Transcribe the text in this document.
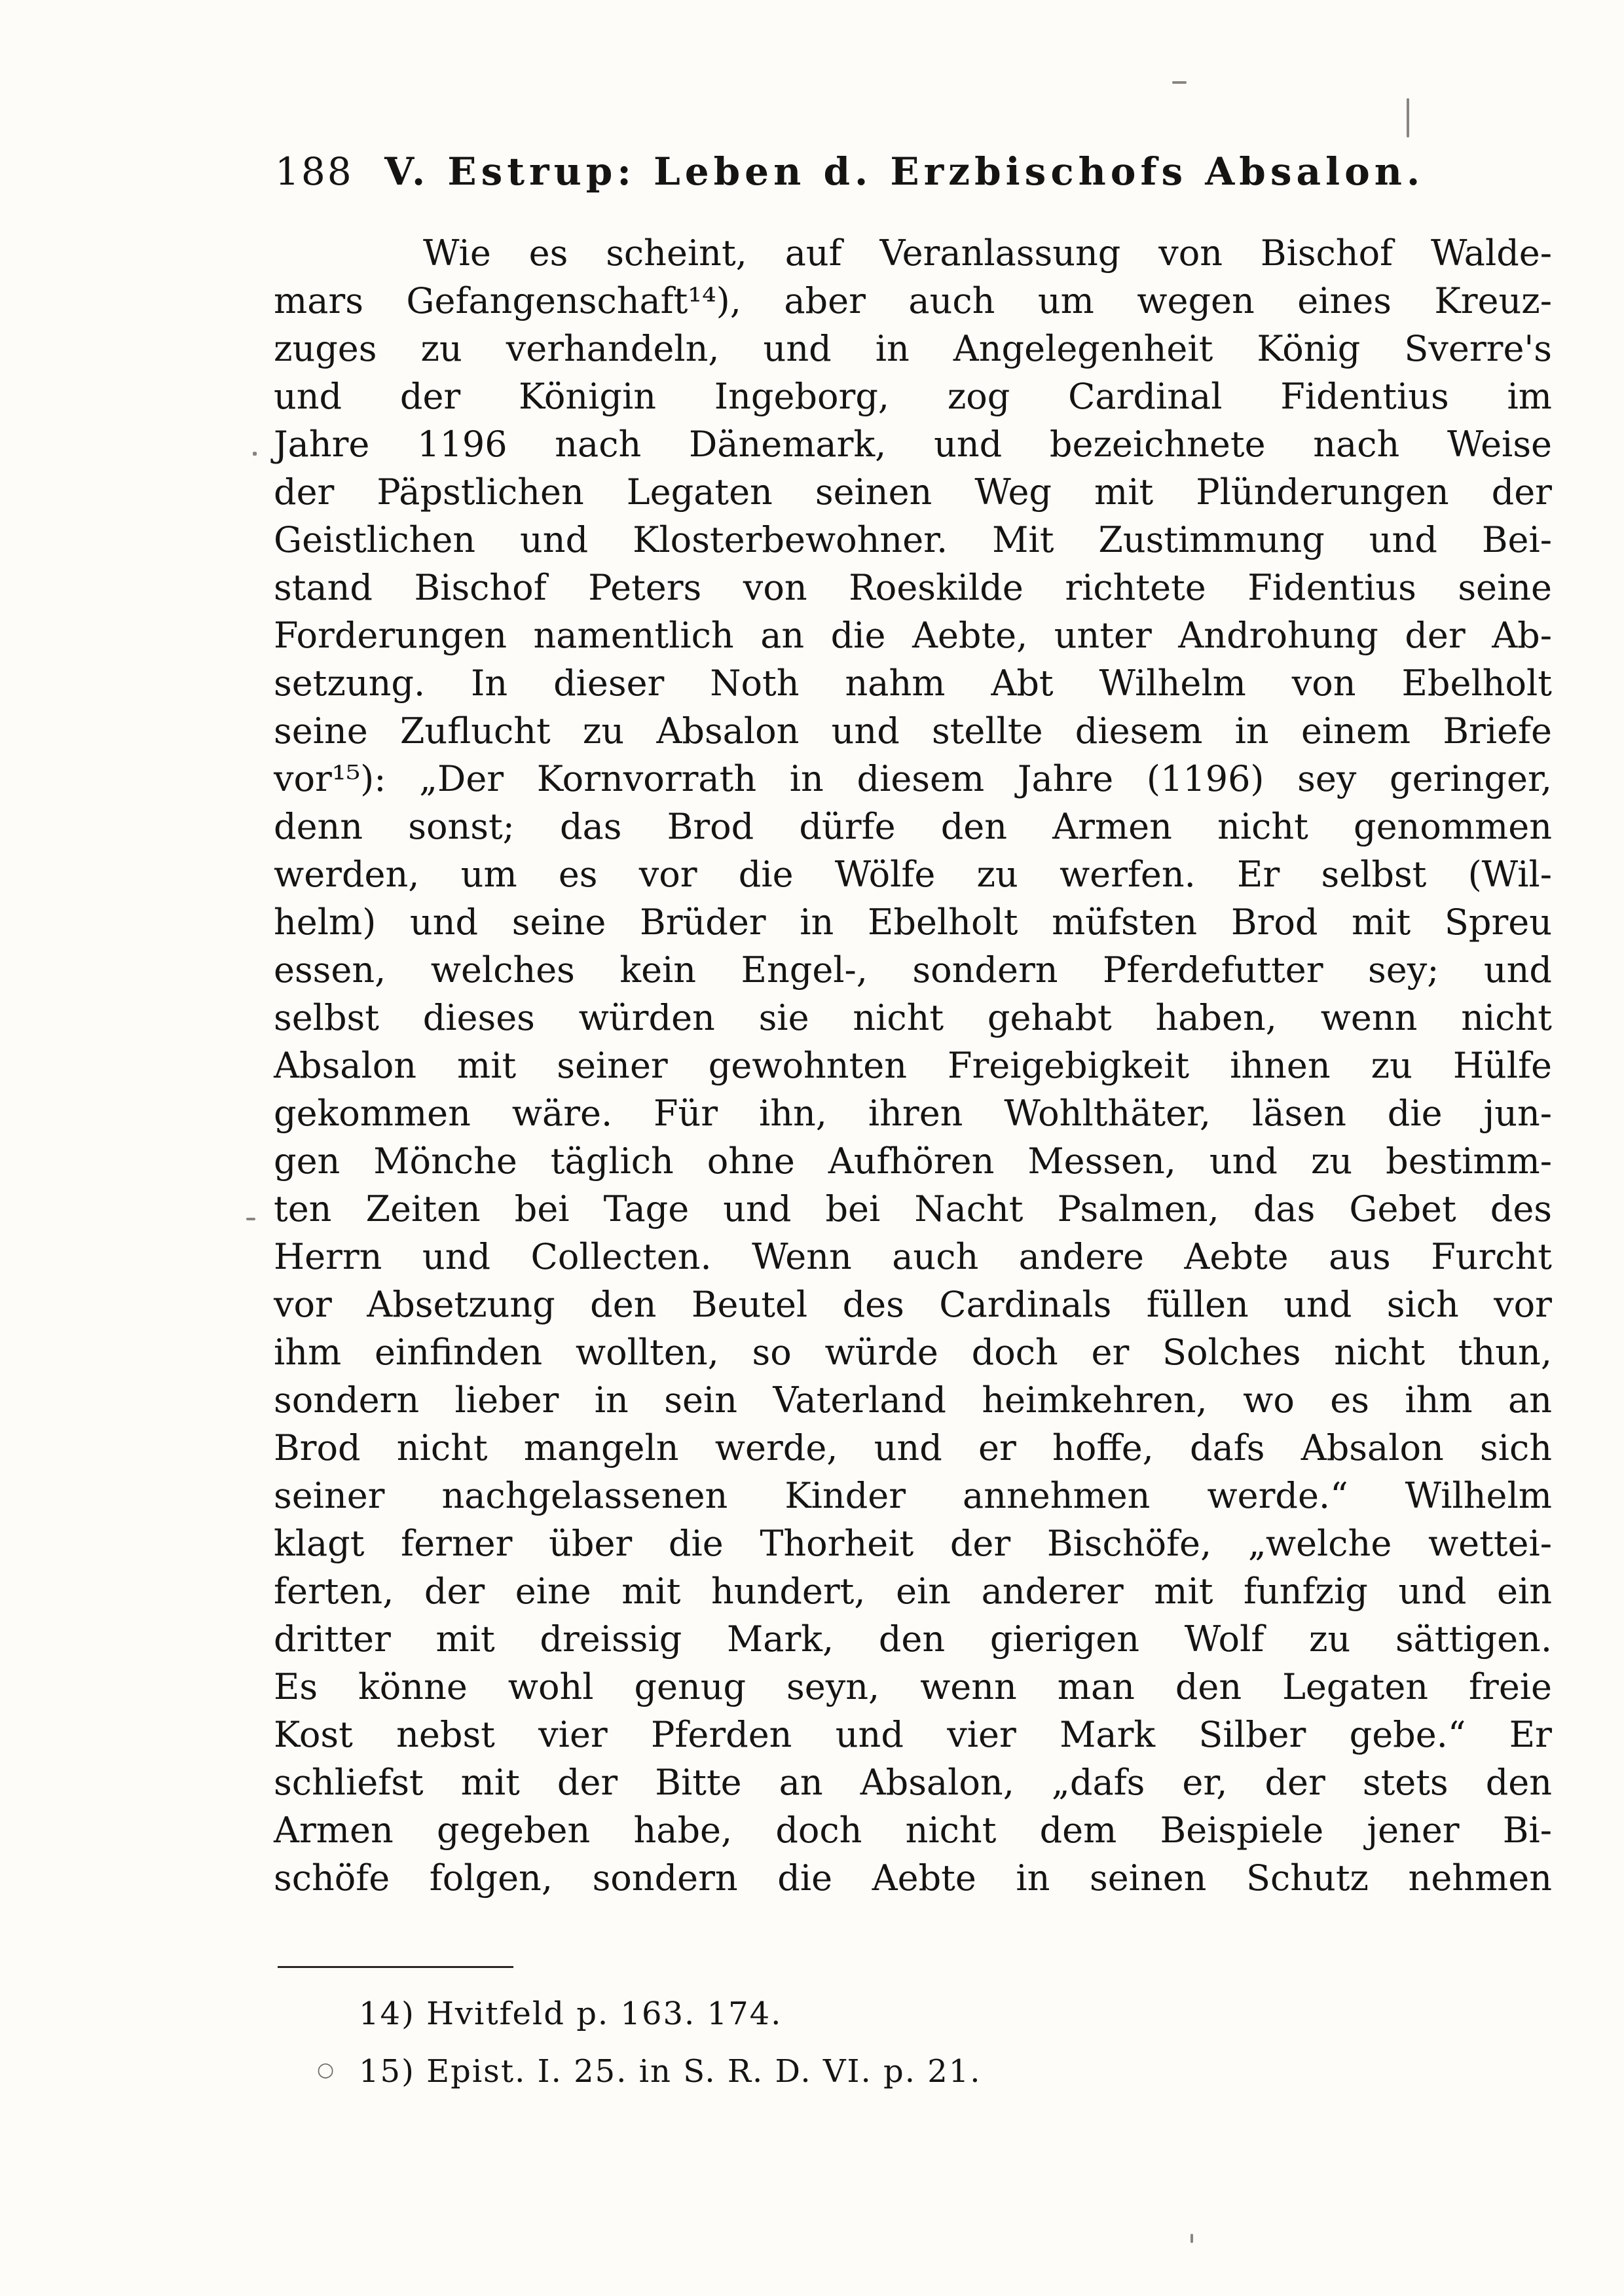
188 V. Estrup: Leben d. Erzbischofs Absalon.
Wie es scheint, auf Veranlassung von Bischof Walde-
mars Gefangenschaft¹⁴), aber auch um wegen eines Kreuz-
zuges zu verhandeln, und in Angelegenheit König Sverre's
und der Königin Ingeborg, zog Cardinal Fidentius im
Jahre 1196 nach Dänemark, und bezeichnete nach Weise
der Päpstlichen Legaten seinen Weg mit Plünderungen der
Geistlichen und Klosterbewohner. Mit Zustimmung und Bei-
stand Bischof Peters von Roeskilde richtete Fidentius seine
Forderungen namentlich an die Aebte, unter Androhung der Ab-
setzung. In dieser Noth nahm Abt Wilhelm von Ebelholt
seine Zuflucht zu Absalon und stellte diesem in einem Briefe
vor¹⁵): „Der Kornvorrath in diesem Jahre (1196) sey geringer,
denn sonst; das Brod dürfe den Armen nicht genommen
werden, um es vor die Wölfe zu werfen. Er selbst (Wil-
helm) und seine Brüder in Ebelholt müfsten Brod mit Spreu
essen, welches kein Engel-, sondern Pferdefutter sey; und
selbst dieses würden sie nicht gehabt haben, wenn nicht
Absalon mit seiner gewohnten Freigebigkeit ihnen zu Hülfe
gekommen wäre. Für ihn, ihren Wohlthäter, läsen die jun-
gen Mönche täglich ohne Aufhören Messen, und zu bestimm-
ten Zeiten bei Tage und bei Nacht Psalmen, das Gebet des
Herrn und Collecten. Wenn auch andere Aebte aus Furcht
vor Absetzung den Beutel des Cardinals füllen und sich vor
ihm einfinden wollten, so würde doch er Solches nicht thun,
sondern lieber in sein Vaterland heimkehren, wo es ihm an
Brod nicht mangeln werde, und er hoffe, dafs Absalon sich
seiner nachgelassenen Kinder annehmen werde.“ Wilhelm
klagt ferner über die Thorheit der Bischöfe, „welche wettei-
ferten, der eine mit hundert, ein anderer mit funfzig und ein
dritter mit dreissig Mark, den gierigen Wolf zu sättigen.
Es könne wohl genug seyn, wenn man den Legaten freie
Kost nebst vier Pferden und vier Mark Silber gebe.“ Er
schliefst mit der Bitte an Absalon, „dafs er, der stets den
Armen gegeben habe, doch nicht dem Beispiele jener Bi-
schöfe folgen, sondern die Aebte in seinen Schutz nehmen
○
14) Hvitfeld p. 163. 174.
15) Epist. I. 25. in S. R. D. VI. p. 21.
